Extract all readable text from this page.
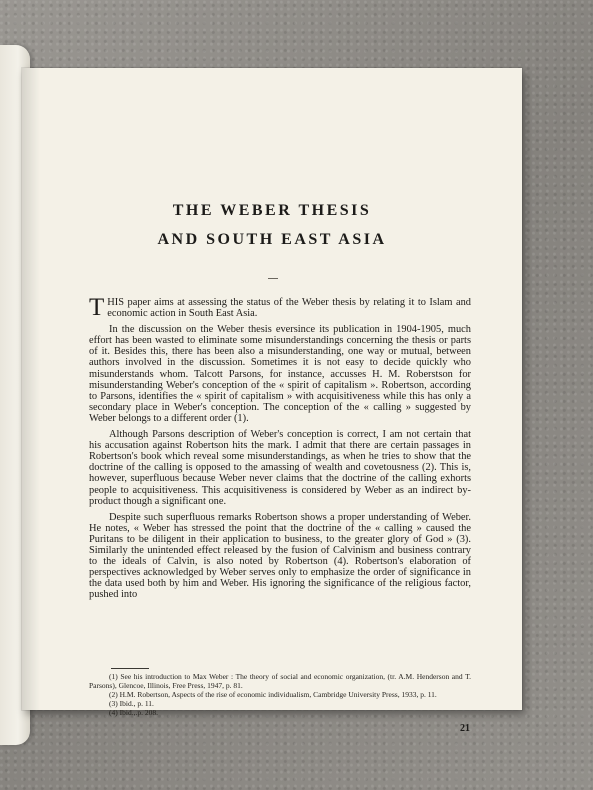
THE WEBER THESIS
AND SOUTH EAST ASIA

THIS paper aims at assessing the status of the Weber thesis by relating it to Islam and economic action in South East Asia.

In the discussion on the Weber thesis eversince its publication in 1904-1905, much effort has been wasted to eliminate some misunderstandings concerning the thesis or parts of it. Besides this, there has been also a misunderstanding, one way or mutual, between authors involved in the discussion. Sometimes it is not easy to decide quickly who misunderstands whom. Talcott Parsons, for instance, accusses H. M. Roberstson for misunderstanding Weber's conception of the « spirit of capitalism ». Robertson, according to Parsons, identifies the « spirit of capitalism » with acquisitiveness while this has only a secondary place in Weber's conception. The conception of the « calling » suggested by Weber belongs to a different order (1).

Although Parsons description of Weber's conception is correct, I am not certain that his accusation against Robertson hits the mark. I admit that there are certain passages in Robertson's book which reveal some misunderstandings, as when he tries to show that the doctrine of the calling is opposed to the amassing of wealth and covetousness (2). This is, however, superfluous because Weber never claims that the doctrine of the calling exhorts people to acquisitiveness. This acquisitiveness is considered by Weber as an indirect by-product though a significant one.

Despite such superfluous remarks Robertson shows a proper understanding of Weber. He notes, « Weber has stressed the point that the doctrine of the « calling » caused the Puritans to be diligent in their application to business, to the greater glory of God » (3). Similarly the unintended effect released by the fusion of Calvinism and business contrary to the ideals of Calvin, is also noted by Robertson (4). Robertson's elaboration of perspectives acknowledged by Weber serves only to emphasize the order of significance in the data used both by him and Weber. His ignoring the significance of the religious factor, pushed into

(1) See his introduction to Max Weber : The theory of social and economic organization, (tr. A.M. Henderson and T. Parsons), Glencoe, Illinois, Free Press, 1947, p. 81.
(2) H.M. Robertson, Aspects of the rise of economic individualism, Cambridge University Press, 1933, p. 11.
(3) Ibid., p. 11.
(4) Ibid.,.p. 208.
21
